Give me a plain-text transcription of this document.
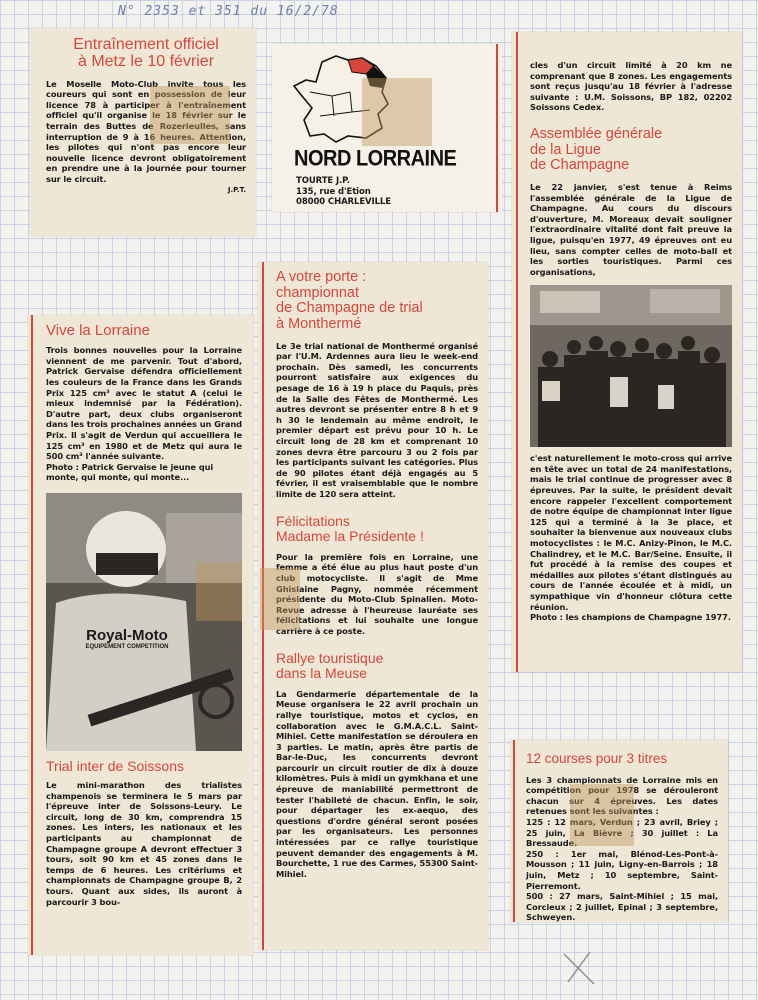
N° 2353 et 351 du 16/2/78
Entraînement officiel
à Metz le 10 février

Le Moselle Moto-Club invite tous les coureurs qui sont en possession de leur licence 78 à participer à l'entraînement officiel qu'il organise le 18 février sur le terrain des Buttes de Rozerieulles, sans interruption de 9 à 16 heures. Attention, les pilotes qui n'ont pas encore leur nouvelle licence devront obligatoirement en prendre une à la journée pour tourner sur le circuit.

J.P.T.
NORD LORRAINE
TOURTE J.P.
135, rue d'Etion
08000 CHARLEVILLE

cles d'un circuit limité à 20 km ne comprenant que 8 zones. Les engagements sont reçus jusqu'au 18 février à l'adresse suivante : U.M. Soissons, BP 182, 02202 Soissons Cedex.

Assemblée générale
de la Ligue
de Champagne

Le 22 janvier, s'est tenue à Reims l'assemblée générale de la Ligue de Champagne. Au cours du discours d'ouverture, M. Moreaux devait souligner l'extraordinaire vitalité dont fait preuve la ligue, puisqu'en 1977, 49 épreuves ont eu lieu, sans compter celles de moto-ball et les sorties touristiques. Parmi ces organisations,

c'est naturellement le moto-cross qui arrive en tête avec un total de 24 manifestations, mais le trial continue de progresser avec 8 épreuves. Par la suite, le président devait encore rappeler l'excellent comportement de notre équipe de championnat inter ligue 125 qui a terminé à la 3e place, et souhaiter la bienvenue aux nouveaux clubs motocyclistes : le M.C. Anizy-Pinon, le M.C. Chalindrey, et le M.C. Bar/Seine. Ensuite, il fut procédé à la remise des coupes et médailles aux pilotes s'étant distingués au cours de l'année écoulée et à midi, un sympathique vin d'honneur clôtura cette réunion.

Photo : les champions de Champagne 1977.

Vive la Lorraine

Trois bonnes nouvelles pour la Lorraine viennent de me parvenir. Tout d'abord, Patrick Gervaise défendra officiellement les couleurs de la France dans les Grands Prix 125 cm³ avec le statut A (celui le mieux indemnisé par la Fédération). D'autre part, deux clubs organiseront dans les trois prochaines années un Grand Prix. Il s'agit de Verdun qui accueillera le 125 cm³ en 1980 et de Metz qui aura le 500 cm³ l'année suivante.

Photo : Patrick Gervaise le jeune qui monte, qui monte, qui monte...

Royal-Moto
EQUIPEMENT COMPETITION
Trial inter de Soissons

Le mini-marathon des trialistes champenois se terminera le 5 mars par l'épreuve inter de Soissons-Leury. Le circuit, long de 30 km, comprendra 15 zones. Les inters, les nationaux et les participants au championnat de Champagne groupe A devront effectuer 3 tours, soit 90 km et 45 zones dans le temps de 6 heures. Les critériums et championnats de Champagne groupe B, 2 tours. Quant aux sides, ils auront à parcourir 3 bou-

A votre porte :
championnat
de Champagne de trial
à Monthermé

Le 3e trial national de Monthermé organisé par l'U.M. Ardennes aura lieu le week-end prochain. Dès samedi, les concurrents pourront satisfaire aux exigences du pesage de 16 à 19 h place du Paquis, près de la Salle des Fêtes de Monthermé. Les autres devront se présenter entre 8 h et 9 h 30 le lendemain au même endroit, le premier départ est prévu pour 10 h. Le circuit long de 28 km et comprenant 10 zones devra être parcouru 3 ou 2 fois par les participants suivant les catégories. Plus de 90 pilotes étant déjà engagés au 5 février, il est vraisemblable que le nombre limite de 120 sera atteint.

Félicitations
Madame la Présidente !

Pour la première fois en Lorraine, une femme a été élue au plus haut poste d'un club motocycliste. Il s'agit de Mme Ghislaine Pagny, nommée récemment présidente du Moto-Club Spinalien. Moto-Revue adresse à l'heureuse lauréate ses félicitations et lui souhaite une longue carrière à ce poste.

Rallye touristique
dans la Meuse

La Gendarmerie départementale de la Meuse organisera le 22 avril prochain un rallye touristique, motos et cyclos, en collaboration avec le G.M.A.C.L. Saint-Mihiel. Cette manifestation se déroulera en 3 parties. Le matin, après être partis de Bar-le-Duc, les concurrents devront parcourir un circuit routier de dix à douze kilomètres. Puis à midi un gymkhana et une épreuve de maniabilité permettront de tester l'habileté de chacun. Enfin, le soir, pour départager les ex-aequo, des questions d'ordre général seront posées par les organisateurs. Les personnes intéressées par ce rallye touristique peuvent demander des engagements à M. Bourchette, 1 rue des Carmes, 55300 Saint-Mihiel.

12 courses pour 3 titres

Les 3 championnats de Lorraine mis en compétition pour 1978 se dérouleront chacun sur 4 épreuves. Les dates retenues sont les suivantes :

125 : 12 mars, Verdun ; 23 avril, Briey ; 25 juin, La Bièvre ; 30 juillet : La Bressaude.

250 : 1er mai, Blénod-Les-Pont-à-Mousson ; 11 juin, Ligny-en-Barrois ; 18 juin, Metz ; 10 septembre, Saint-Pierremont.

500 : 27 mars, Saint-Mihiel ; 15 mai, Corcieux ; 2 juillet, Epinal ; 3 septembre, Schweyen.
